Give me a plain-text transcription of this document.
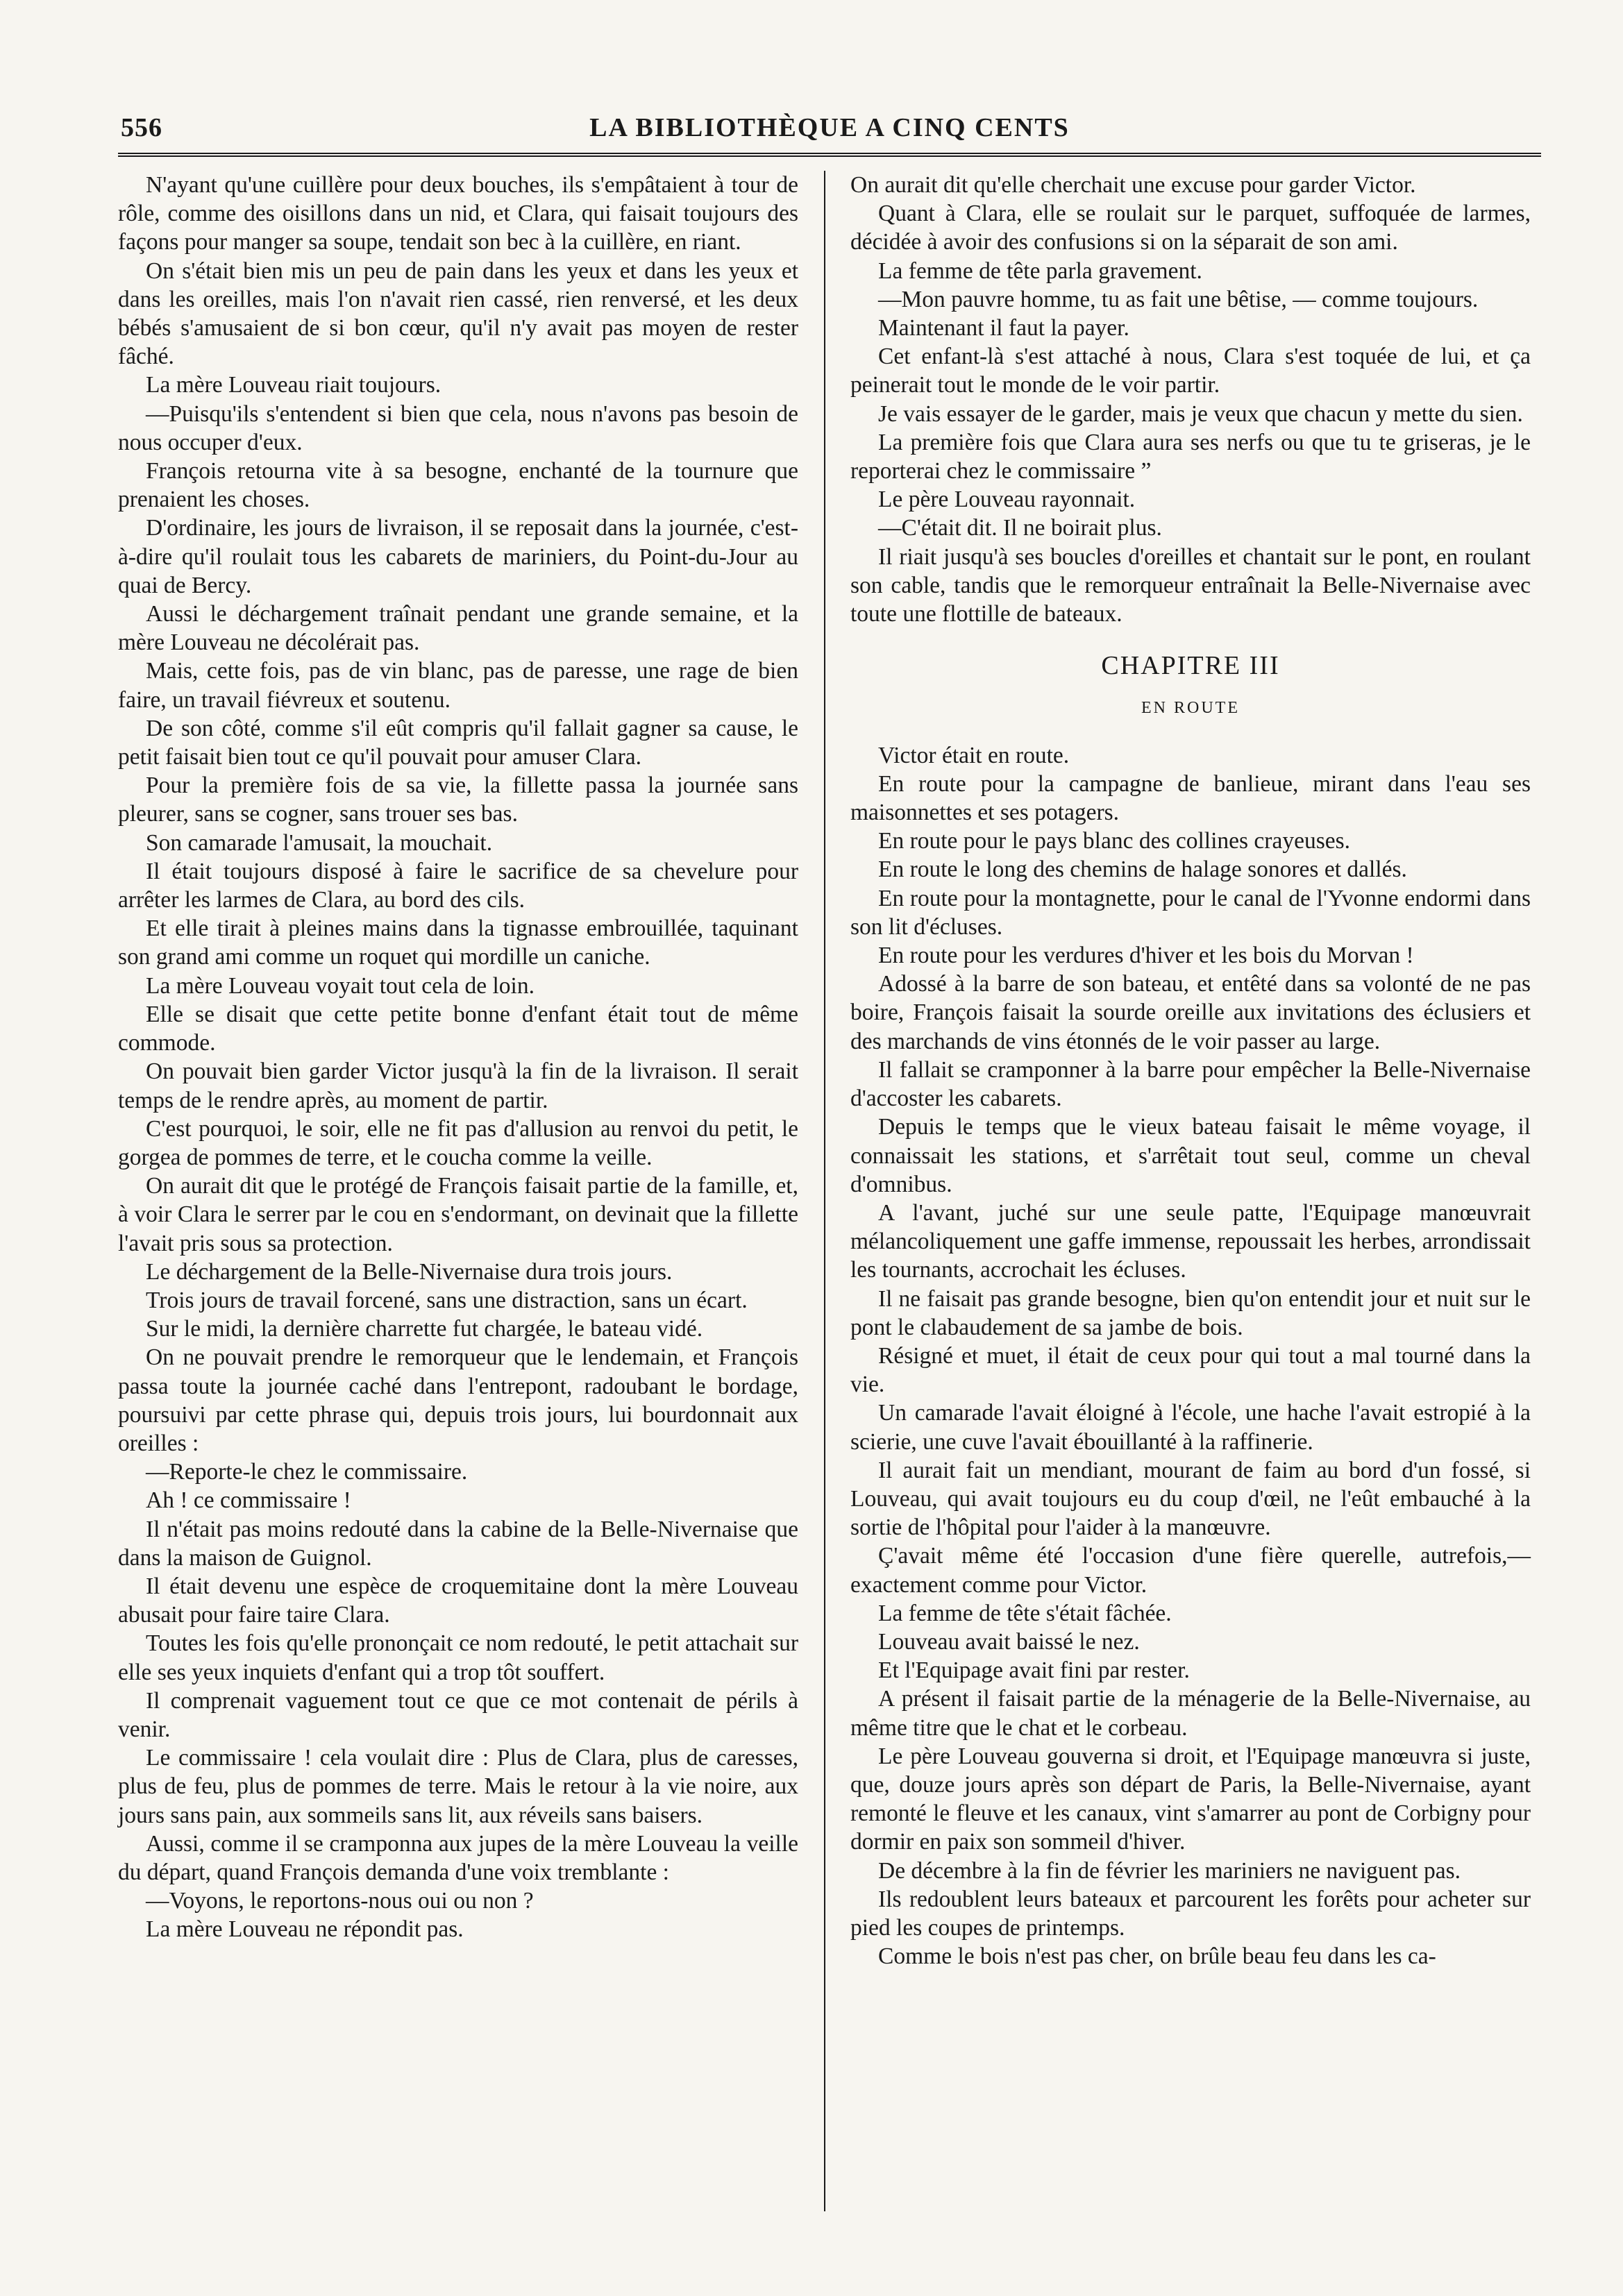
556	LA BIBLIOTHÈQUE A CINQ CENTS

N'ayant qu'une cuillère pour deux bouches, ils s'empâtaient à tour de rôle, comme des oisillons dans un nid, et Clara, qui faisait toujours des façons pour manger sa soupe, tendait son bec à la cuillère, en riant.

On s'était bien mis un peu de pain dans les yeux et dans les yeux et dans les oreilles, mais l'on n'avait rien cassé, rien renversé, et les deux bébés s'amusaient de si bon cœur, qu'il n'y avait pas moyen de rester fâché.

La mère Louveau riait toujours.

—Puisqu'ils s'entendent si bien que cela, nous n'avons pas besoin de nous occuper d'eux.

François retourna vite à sa besogne, enchanté de la tournure que prenaient les choses.

D'ordinaire, les jours de livraison, il se reposait dans la journée, c'est-à-dire qu'il roulait tous les cabarets de mariniers, du Point-du-Jour au quai de Bercy.

Aussi le déchargement traînait pendant une grande semaine, et la mère Louveau ne décolérait pas.

Mais, cette fois, pas de vin blanc, pas de paresse, une rage de bien faire, un travail fiévreux et soutenu.

De son côté, comme s'il eût compris qu'il fallait gagner sa cause, le petit faisait bien tout ce qu'il pouvait pour amuser Clara.

Pour la première fois de sa vie, la fillette passa la journée sans pleurer, sans se cogner, sans trouer ses bas.

Son camarade l'amusait, la mouchait.

Il était toujours disposé à faire le sacrifice de sa chevelure pour arrêter les larmes de Clara, au bord des cils.

Et elle tirait à pleines mains dans la tignasse embrouillée, taquinant son grand ami comme un roquet qui mordille un caniche.

La mère Louveau voyait tout cela de loin.

Elle se disait que cette petite bonne d'enfant était tout de même commode.

On pouvait bien garder Victor jusqu'à la fin de la livraison. Il serait temps de le rendre après, au moment de partir.

C'est pourquoi, le soir, elle ne fit pas d'allusion au renvoi du petit, le gorgea de pommes de terre, et le coucha comme la veille.

On aurait dit que le protégé de François faisait partie de la famille, et, à voir Clara le serrer par le cou en s'endormant, on devinait que la fillette l'avait pris sous sa protection.

Le déchargement de la Belle-Nivernaise dura trois jours.

Trois jours de travail forcené, sans une distraction, sans un écart.

Sur le midi, la dernière charrette fut chargée, le bateau vidé.

On ne pouvait prendre le remorqueur que le lendemain, et François passa toute la journée caché dans l'entrepont, radoubant le bordage, poursuivi par cette phrase qui, depuis trois jours, lui bourdonnait aux oreilles :

—Reporte-le chez le commissaire.

Ah ! ce commissaire !

Il n'était pas moins redouté dans la cabine de la Belle-Nivernaise que dans la maison de Guignol.

Il était devenu une espèce de croquemitaine dont la mère Louveau abusait pour faire taire Clara.

Toutes les fois qu'elle prononçait ce nom redouté, le petit attachait sur elle ses yeux inquiets d'enfant qui a trop tôt souffert.

Il comprenait vaguement tout ce que ce mot contenait de périls à venir.

Le commissaire ! cela voulait dire : Plus de Clara, plus de caresses, plus de feu, plus de pommes de terre. Mais le retour à la vie noire, aux jours sans pain, aux sommeils sans lit, aux réveils sans baisers.

Aussi, comme il se cramponna aux jupes de la mère Louveau la veille du départ, quand François demanda d'une voix tremblante :

—Voyons, le reportons-nous oui ou non ?

La mère Louveau ne répondit pas.

On aurait dit qu'elle cherchait une excuse pour garder Victor.

Quant à Clara, elle se roulait sur le parquet, suffoquée de larmes, décidée à avoir des confusions si on la séparait de son ami.

La femme de tête parla gravement.

—Mon pauvre homme, tu as fait une bêtise, — comme toujours.

Maintenant il faut la payer.

Cet enfant-là s'est attaché à nous, Clara s'est toquée de lui, et ça peinerait tout le monde de le voir partir.

Je vais essayer de le garder, mais je veux que chacun y mette du sien.

La première fois que Clara aura ses nerfs ou que tu te griseras, je le reporterai chez le commissaire ”

Le père Louveau rayonnait.

—C'était dit. Il ne boirait plus.

Il riait jusqu'à ses boucles d'oreilles et chantait sur le pont, en roulant son cable, tandis que le remorqueur entraînait la Belle-Nivernaise avec toute une flottille de bateaux.

CHAPITRE III
EN ROUTE

Victor était en route.

En route pour la campagne de banlieue, mirant dans l'eau ses maisonnettes et ses potagers.

En route pour le pays blanc des collines crayeuses.

En route le long des chemins de halage sonores et dallés.

En route pour la montagnette, pour le canal de l'Yvonne endormi dans son lit d'écluses.

En route pour les verdures d'hiver et les bois du Morvan !

Adossé à la barre de son bateau, et entêté dans sa volonté de ne pas boire, François faisait la sourde oreille aux invitations des éclusiers et des marchands de vins étonnés de le voir passer au large.

Il fallait se cramponner à la barre pour empêcher la Belle-Nivernaise d'accoster les cabarets.

Depuis le temps que le vieux bateau faisait le même voyage, il connaissait les stations, et s'arrêtait tout seul, comme un cheval d'omnibus.

A l'avant, juché sur une seule patte, l'Equipage manœuvrait mélancoliquement une gaffe immense, repoussait les herbes, arrondissait les tournants, accrochait les écluses.

Il ne faisait pas grande besogne, bien qu'on entendit jour et nuit sur le pont le clabaudement de sa jambe de bois.

Résigné et muet, il était de ceux pour qui tout a mal tourné dans la vie.

Un camarade l'avait éloigné à l'école, une hache l'avait estropié à la scierie, une cuve l'avait ébouillanté à la raffinerie.

Il aurait fait un mendiant, mourant de faim au bord d'un fossé, si Louveau, qui avait toujours eu du coup d'œil, ne l'eût embauché à la sortie de l'hôpital pour l'aider à la manœuvre.

Ç'avait même été l'occasion d'une fière querelle, autrefois,— exactement comme pour Victor.

La femme de tête s'était fâchée.

Louveau avait baissé le nez.

Et l'Equipage avait fini par rester.

A présent il faisait partie de la ménagerie de la Belle-Nivernaise, au même titre que le chat et le corbeau.

Le père Louveau gouverna si droit, et l'Equipage manœuvra si juste, que, douze jours après son départ de Paris, la Belle-Nivernaise, ayant remonté le fleuve et les canaux, vint s'amarrer au pont de Corbigny pour dormir en paix son sommeil d'hiver.

De décembre à la fin de février les mariniers ne naviguent pas.

Ils redoublent leurs bateaux et parcourent les forêts pour acheter sur pied les coupes de printemps.

Comme le bois n'est pas cher, on brûle beau feu dans les ca-
